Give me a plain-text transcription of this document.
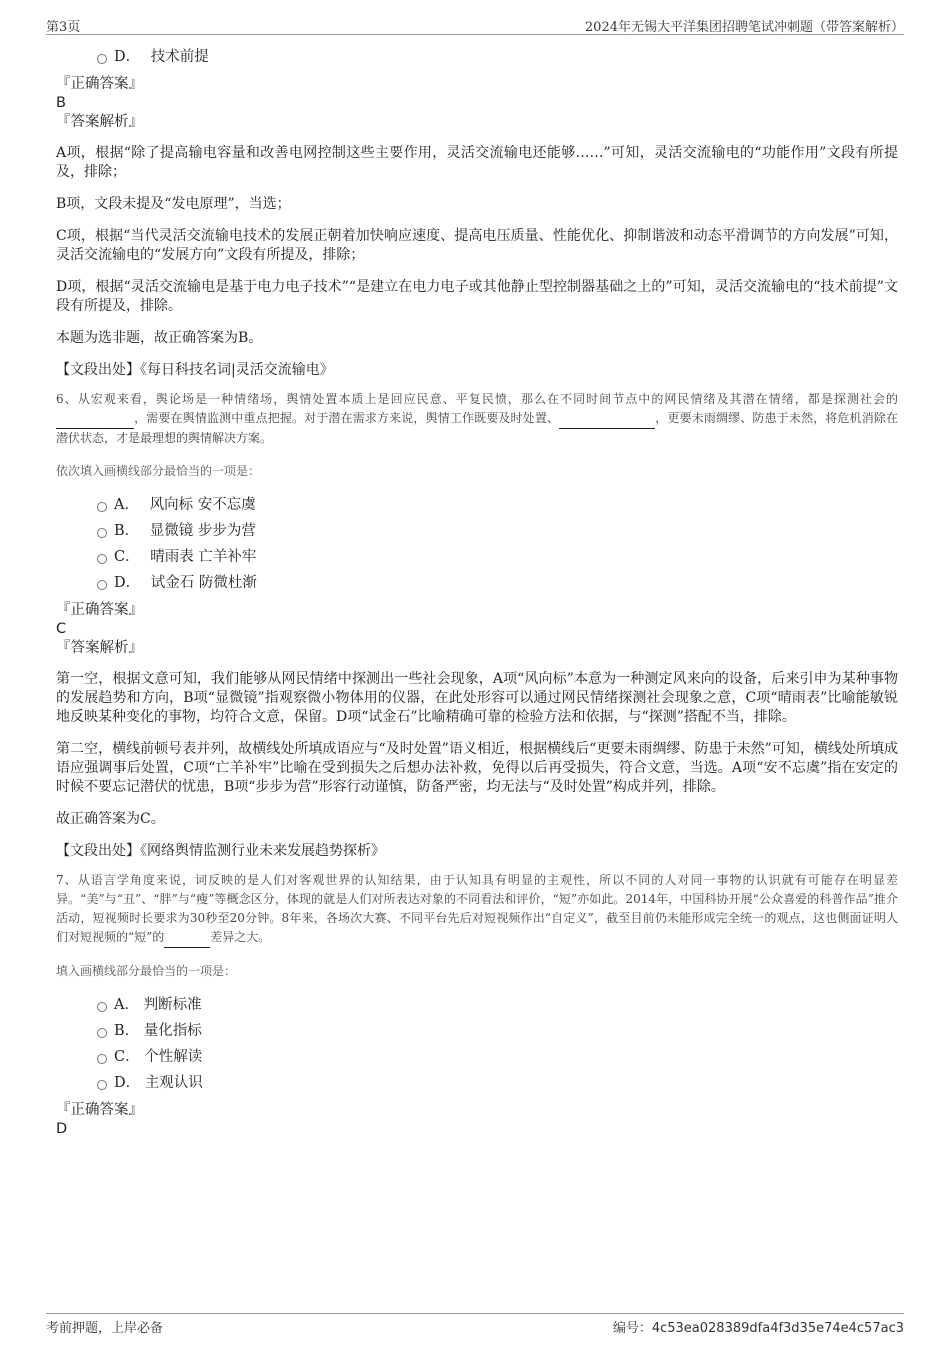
第3页	2024年无锡大平洋集团招聘笔试冲刺题（带答案解析）
D． 技术前提
『正确答案』
B
『答案解析』

A项，根据“除了提高输电容量和改善电网控制这些主要作用，灵活交流输电还能够……”可知，灵活交流输电的“功能作用”文段有所提及，排除；

B项，文段未提及“发电原理”，当选；

C项，根据“当代灵活交流输电技术的发展正朝着加快响应速度、提高电压质量、性能优化、抑制谐波和动态平滑调节的方向发展”可知，灵活交流输电的“发展方向”文段有所提及，排除；

D项，根据“灵活交流输电是基于电力电子技术”“是建立在电力电子或其他静止型控制器基础之上的”可知，灵活交流输电的“技术前提”文段有所提及，排除。

本题为选非题，故正确答案为B。

【文段出处】《每日科技名词|灵活交流输电》

6、从宏观来看，舆论场是一种情绪场，舆情处置本质上是回应民意、平复民愤，那么在不同时间节点中的网民情绪及其潜在情绪，都是探测社会的 ，需要在舆情监测中重点把握。对于潜在需求方来说，舆情工作既要及时处置、	，更要未雨绸缪、防患于未然，将危机消除在潜伏状态，才是最理想的舆情解决方案。

依次填入画横线部分最恰当的一项是：
A． 风向标 安不忘虞
B． 显微镜 步步为营
C． 晴雨表 亡羊补牢
D． 试金石 防微杜渐
『正确答案』
C
『答案解析』

第一空，根据文意可知，我们能够从网民情绪中探测出一些社会现象，A项“风向标”本意为一种测定风来向的设备，后来引申为某种事物的发展趋势和方向，B项“显微镜”指观察微小物体用的仪器，在此处形容可以通过网民情绪探测社会现象之意，C项“晴雨表”比喻能敏锐地反映某种变化的事物，均符合文意，保留。D项“试金石”比喻精确可靠的检验方法和依据，与“探测”搭配不当，排除。

第二空，横线前顿号表并列，故横线处所填成语应与“及时处置”语义相近，根据横线后“更要未雨绸缪、防患于未然”可知，横线处所填成语应强调事后处置，C项“亡羊补牢”比喻在受到损失之后想办法补救，免得以后再受损失，符合文意，当选。A项“安不忘虞”指在安定的时候不要忘记潜伏的忧患，B项“步步为营”形容行动谨慎，防备严密，均无法与“及时处置”构成并列，排除。

故正确答案为C。

【文段出处】《网络舆情监测行业未来发展趋势探析》

7、从语言学角度来说，词反映的是人们对客观世界的认知结果，由于认知具有明显的主观性，所以不同的人对同一事物的认识就有可能存在明显差异。“美”与“丑”、“胖”与“瘦”等概念区分，体现的就是人们对所表达对象的不同看法和评价，“短”亦如此。2014年，中国科协开展“公众喜爱的科普作品”推介活动，短视频时长要求为30秒至20分钟。8年来，各场次大赛、不同平台先后对短视频作出“自定义”，截至目前仍未能形成完全统一的观点，这也侧面证明人们对短视频的“短”的	差异之大。

填入画横线部分最恰当的一项是：
A． 判断标准
B． 量化指标
C． 个性解读
D． 主观认识
『正确答案』
D
考前押题，上岸必备	编号：4c53ea028389dfa4f3d35e74e4c57ac3
